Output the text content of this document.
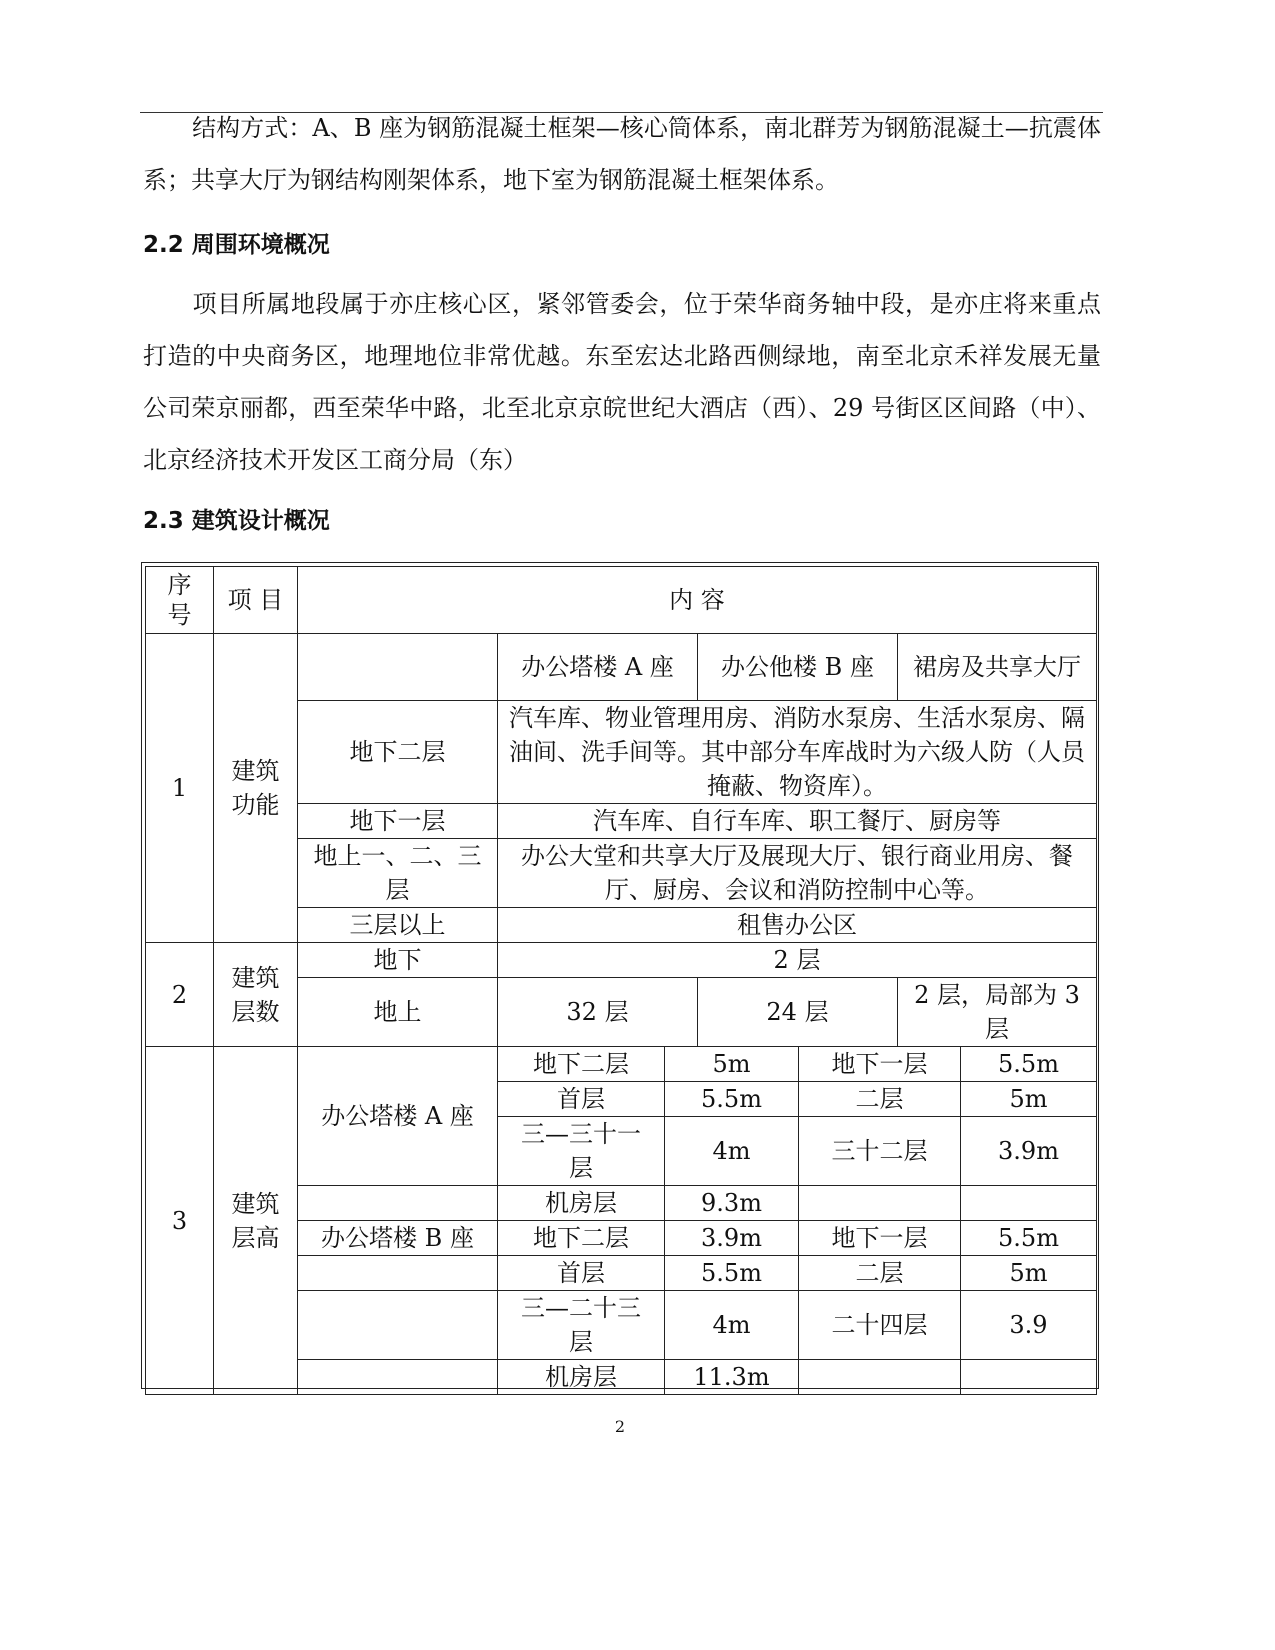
结构方式：A、B 座为钢筋混凝土框架—核心筒体系，南北群芳为钢筋混凝土—抗震体系；共享大厅为钢结构刚架体系，地下室为钢筋混凝土框架体系。
2.2 周围环境概况
项目所属地段属于亦庄核心区，紧邻管委会，位于荣华商务轴中段，是亦庄将来重点打造的中央商务区，地理地位非常优越。东至宏达北路西侧绿地，南至北京禾祥发展无量公司荣京丽都，西至荣华中路，北至北京京皖世纪大酒店（西）、29 号街区区间路（中）、北京经济技术开发区工商分局（东）
2.3 建筑设计概况
序号	项 目	内 容						
1	建筑功能		办公塔楼 A 座		办公他楼 B 座		裙房及共享大厅	
		地下二层	汽车库、物业管理用房、消防水泵房、生活水泵房、隔油间、洗手间等。其中部分车库战时为六级人防（人员掩蔽、物资库）。					
		地下一层	汽车库、自行车库、职工餐厅、厨房等					
		地上一、二、三层	办公大堂和共享大厅及展现大厅、银行商业用房、餐厅、厨房、会议和消防控制中心等。					
		三层以上	租售办公区					
2	建筑层数	地下	2 层					
		地上	32 层		24 层		2 层，局部为 3 层	
3	建筑层高	办公塔楼 A 座	地下二层	5m		地下一层		5.5m
			首层	5.5m		二层		5m
			三—三十一层	4m		三十二层		3.9m
			机房层	9.3m				
		办公塔楼 B 座	地下二层	3.9m		地下一层		5.5m
			首层	5.5m		二层		5m
			三—二十三层	4m		二十四层		3.9
			机房层	11.3m				
2
